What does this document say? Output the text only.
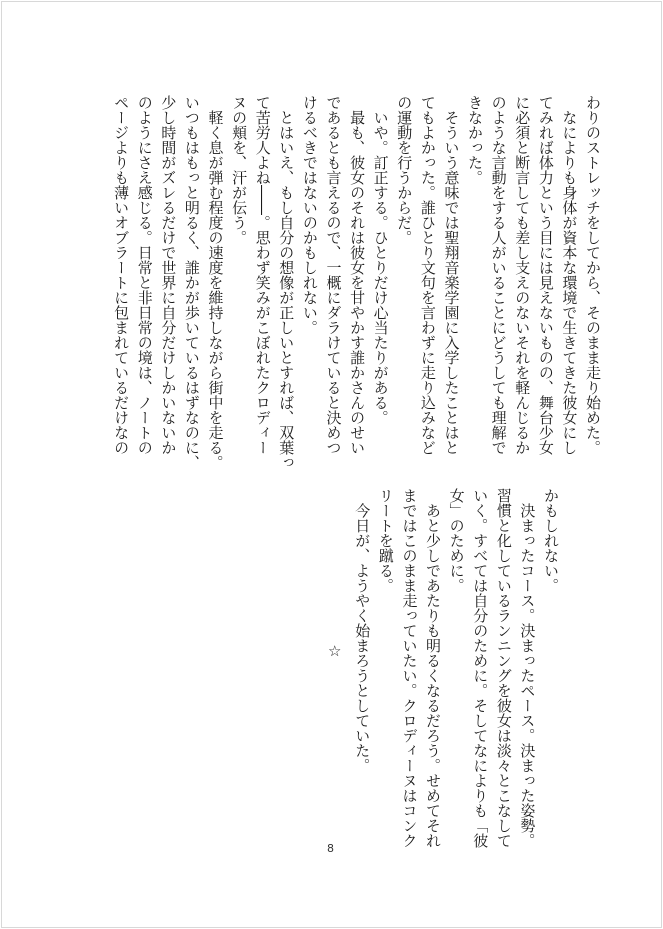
わりのストレッチをしてから、そのまま走り始めた。
　なによりも身体が資本な環境で生きてきた彼女にし
てみれば体力という目には見えないものの、舞台少女
に必須と断言しても差し支えのないそれを軽んじるか
のような言動をする人がいることにどうしても理解で
きなかった。
　そういう意味では聖翔音楽学園に入学したことはと
てもよかった。誰ひとり文句を言わずに走り込みなど
の運動を行うからだ。
　いや。訂正する。ひとりだけ心当たりがある。
　最も、彼女のそれは彼女を甘やかす誰かさんのせい
であるとも言えるので、一概にダラけていると決めつ
けるべきではないのかもしれない。
　とはいえ、もし自分の想像が正しいとすれば、双葉っ
て苦労人よね――。思わず笑みがこぼれたクロディー
ヌの頬を、汗が伝う。
　軽く息が弾む程度の速度を維持しながら街中を走る。
いつもはもっと明るく、誰かが歩いているはずなのに、
少し時間がズレるだけで世界に自分だけしかいないか
のようにさえ感じる。日常と非日常の境は、ノートの
ページよりも薄いオブラートに包まれているだけなの
かもしれない。
　決まったコース。決まったペース。決まった姿勢。
習慣と化しているランニングを彼女は淡々とこなして
いく。すべては自分のために。そしてなによりも「彼
女」のために。
　あと少しであたりも明るくなるだろう。せめてそれ
まではこのまま走っていたい。クロディーヌはコンク
リートを蹴る。
　今日が、ようやく始まろうとしていた。
☆
8
